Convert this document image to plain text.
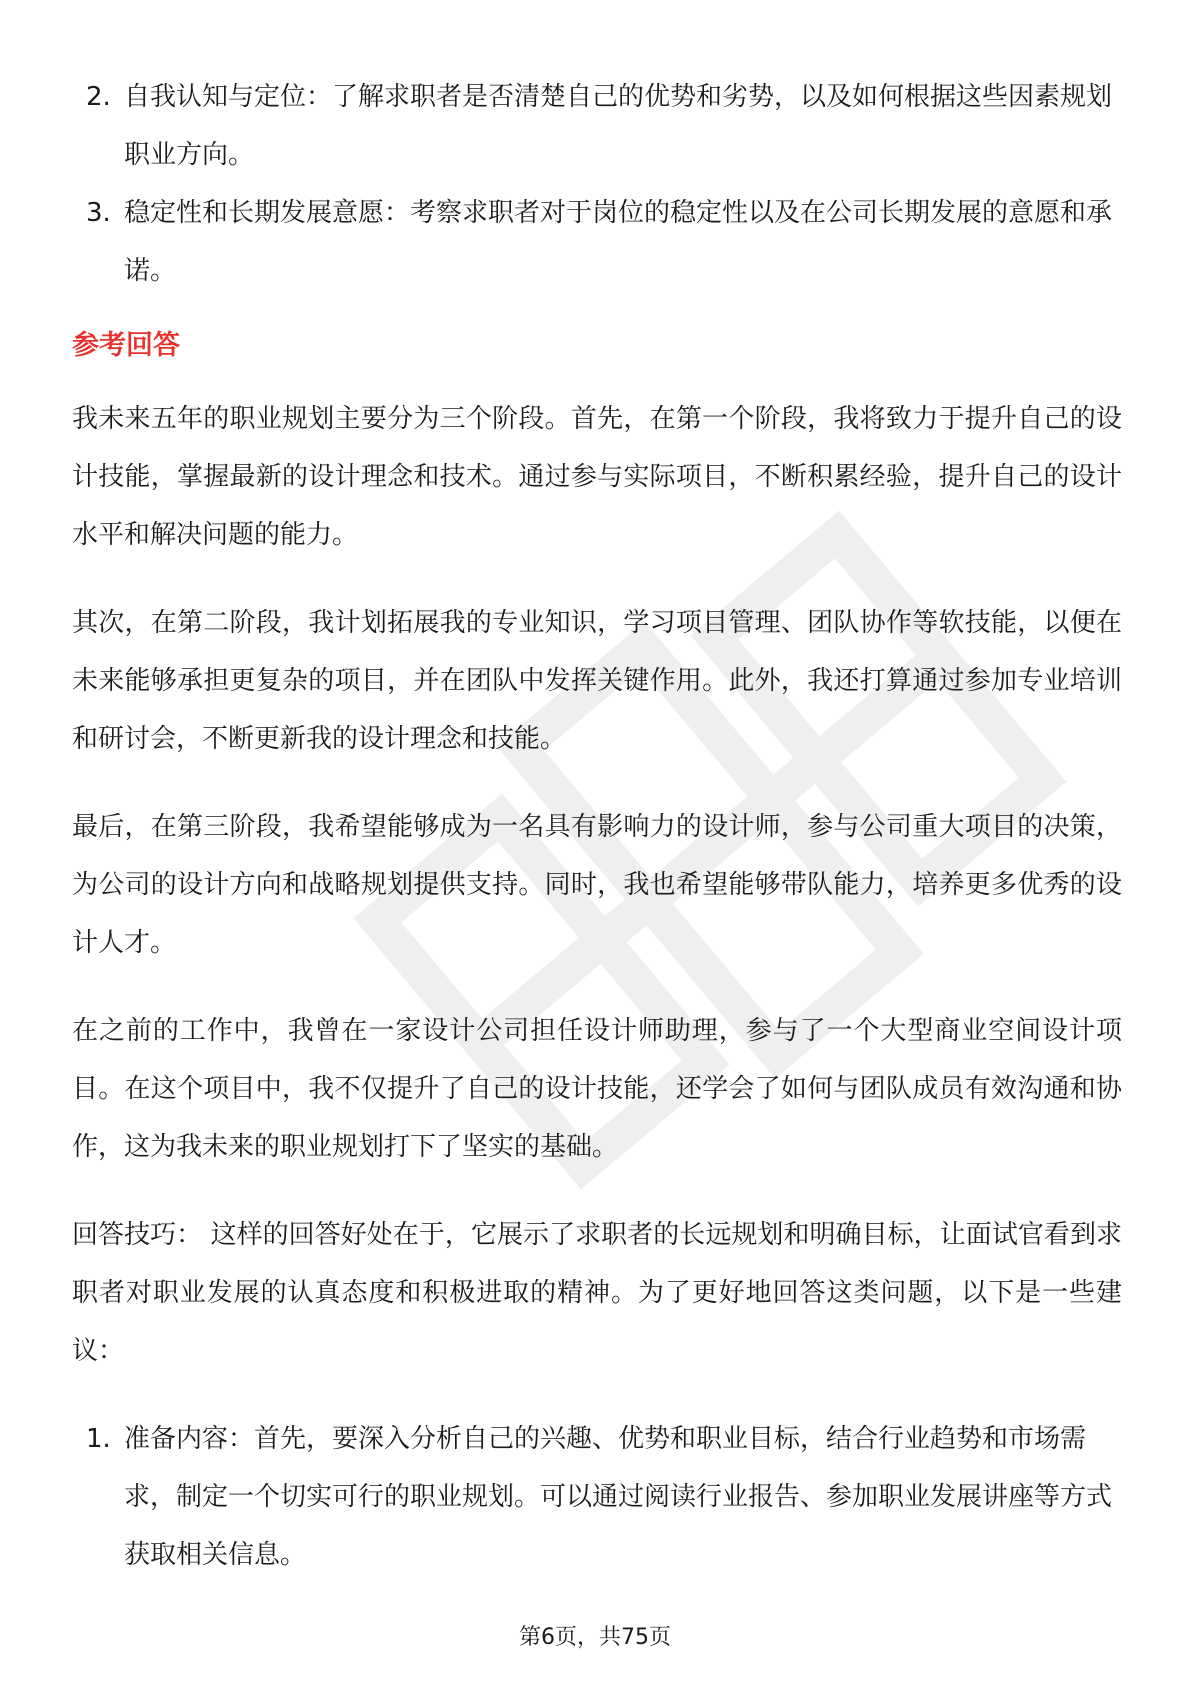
2. 自我认知与定位：了解求职者是否清楚自己的优势和劣势，以及如何根据这些因素规划职业方向。
3. 稳定性和长期发展意愿：考察求职者对于岗位的稳定性以及在公司长期发展的意愿和承诺。
参考回答

我未来五年的职业规划主要分为三个阶段。首先，在第一个阶段，我将致力于提升自己的设计技能，掌握最新的设计理念和技术。通过参与实际项目，不断积累经验，提升自己的设计水平和解决问题的能力。

其次，在第二阶段，我计划拓展我的专业知识，学习项目管理、团队协作等软技能，以便在未来能够承担更复杂的项目，并在团队中发挥关键作用。此外，我还打算通过参加专业培训和研讨会，不断更新我的设计理念和技能。

最后，在第三阶段，我希望能够成为一名具有影响力的设计师，参与公司重大项目的决策，为公司的设计方向和战略规划提供支持。同时，我也希望能够带队能力，培养更多优秀的设计人才。

在之前的工作中，我曾在一家设计公司担任设计师助理，参与了一个大型商业空间设计项目。在这个项目中，我不仅提升了自己的设计技能，还学会了如何与团队成员有效沟通和协作，这为我未来的职业规划打下了坚实的基础。

回答技巧： 这样的回答好处在于，它展示了求职者的长远规划和明确目标，让面试官看到求职者对职业发展的认真态度和积极进取的精神。为了更好地回答这类问题，以下是一些建议：

1. 准备内容：首先，要深入分析自己的兴趣、优势和职业目标，结合行业趋势和市场需求，制定一个切实可行的职业规划。可以通过阅读行业报告、参加职业发展讲座等方式获取相关信息。
第6页，共75页
